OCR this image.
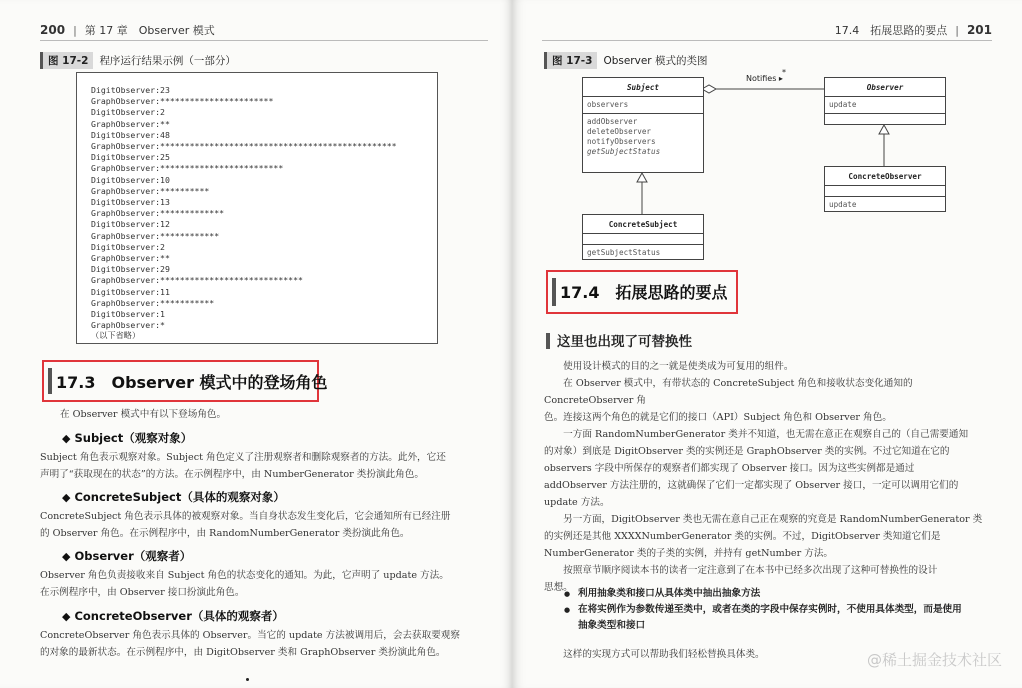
200 | 第 17 章　Observer 模式
图 17-2 程序运行结果示例（一部分）
DigitObserver:23
GraphObserver:***********************
DigitObserver:2
GraphObserver:**
DigitObserver:48
GraphObserver:************************************************
DigitObserver:25
GraphObserver:*************************
DigitObserver:10
GraphObserver:**********
DigitObserver:13
GraphObserver:*************
DigitObserver:12
GraphObserver:************
DigitObserver:2
GraphObserver:**
DigitObserver:29
GraphObserver:*****************************
DigitObserver:11
GraphObserver:***********
DigitObserver:1
GraphObserver:*
（以下省略）
17.3　Observer 模式中的登场角色
在 Observer 模式中有以下登场角色。
◆ Subject（观察对象）
Subject 角色表示观察对象。Subject 角色定义了注册观察者和删除观察者的方法。此外，它还
声明了“获取现在的状态”的方法。在示例程序中，由 NumberGenerator 类扮演此角色。
◆ ConcreteSubject（具体的观察对象）
ConcreteSubject 角色表示具体的被观察对象。当自身状态发生变化后，它会通知所有已经注册
的 Observer 角色。在示例程序中，由 RandomNumberGenerator 类扮演此角色。
◆ Observer（观察者）
Observer 角色负责接收来自 Subject 角色的状态变化的通知。为此，它声明了 update 方法。
在示例程序中，由 Observer 接口扮演此角色。
◆ ConcreteObserver（具体的观察者）
ConcreteObserver 角色表示具体的 Observer。当它的 update 方法被调用后，会去获取要观察
的对象的最新状态。在示例程序中，由 DigitObserver 类和 GraphObserver 类扮演此角色。
17.4　拓展思路的要点 | 201
图 17-3 Observer 模式的类图
Notifies ▸
*
Subject
observers
addObserver
deleteObserver
notifyObservers
getSubjectStatus
Observer
update
ConcreteSubject
getSubjectStatus
ConcreteObserver
update
17.4　拓展思路的要点
这里也出现了可替换性
　　使用设计模式的目的之一就是使类成为可复用的组件。
　　在 Observer 模式中，有带状态的 ConcreteSubject 角色和接收状态变化通知的 ConcreteObserver 角
色。连接这两个角色的就是它们的接口（API）Subject 角色和 Observer 角色。
　　一方面 RandomNumberGenerator 类并不知道，也无需在意正在观察自己的（自己需要通知
的对象）到底是 DigitObserver 类的实例还是 GraphObserver 类的实例。不过它知道在它的
observers 字段中所保存的观察者们都实现了 Observer 接口。因为这些实例都是通过
addObserver 方法注册的，这就确保了它们一定都实现了 Observer 接口，一定可以调用它们的
update 方法。
　　另一方面，DigitObserver 类也无需在意自己正在观察的究竟是 RandomNumberGenerator 类
的实例还是其他 XXXXNumberGenerator 类的实例。不过，DigitObserver 类知道它们是
NumberGenerator 类的子类的实例，并持有 getNumber 方法。
　　按照章节顺序阅读本书的读者一定注意到了在本书中已经多次出现了这种可替换性的设计
思想。
● 利用抽象类和接口从具体类中抽出抽象方法
● 在将实例作为参数传递至类中，或者在类的字段中保存实例时，不使用具体类型，而是使用
抽象类型和接口
　　这样的实现方式可以帮助我们轻松替换具体类。	@稀土掘金技术社区
